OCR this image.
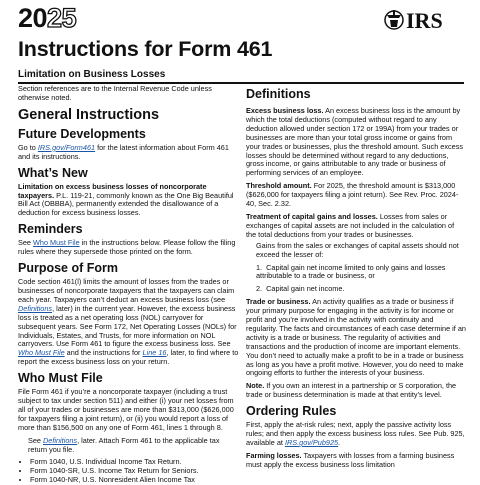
2025	IRS
Instructions for Form 461
Limitation on Business Losses

Section references are to the Internal Revenue Code unless otherwise noted.

General Instructions
Future Developments

Go to IRS.gov/Form461 for the latest information about Form 461 and its instructions.

What’s New

Limitation on excess business losses of noncorporate taxpayers. P.L. 119-21, commonly known as the One Big Beautiful Bill Act (OBBBA), permanently extended the disallowance of a deduction for excess business losses.

Reminders

See Who Must File in the instructions below. Please follow the filing rules where they supersede those printed on the form.

Purpose of Form

Code section 461(l) limits the amount of losses from the trades or businesses of noncorporate taxpayers that the taxpayers can claim each year. Taxpayers can’t deduct an excess business loss (see Definitions, later) in the current year. However, the excess business loss is treated as a net operating loss (NOL) carryover for subsequent years. See Form 172, Net Operating Losses (NOLs) for Individuals, Estates, and Trusts, for more information on NOL carryovers. Use Form 461 to figure the excess business loss. See Who Must File and the instructions for Line 16, later, to find where to report the excess business loss on your return.

Who Must File

File Form 461 if you’re a noncorporate taxpayer (including a trust subject to tax under section 511) and either (i) your net losses from all of your trades or businesses are more than $313,000 ($626,000 for taxpayers filing a joint return), or (ii) you would report a loss of more than $156,500 on any one of Form 461, lines 1 through 8.

See Definitions, later. Attach Form 461 to the applicable tax return you file.

• Form 1040, U.S. Individual Income Tax Return.
• Form 1040-SR, U.S. Income Tax Return for Seniors.
• Form 1040-NR, U.S. Nonresident Alien Income Tax
Definitions

Excess business loss. An excess business loss is the amount by which the total deductions (computed without regard to any deduction allowed under section 172 or 199A) from your trades or businesses are more than your total gross income or gains from your trades or businesses, plus the threshold amount. Such excess losses should be determined without regard to any deductions, gross income, or gains attributable to any trade or business of performing services of an employee.

Threshold amount. For 2025, the threshold amount is $313,000 ($626,000 for taxpayers filing a joint return). See Rev. Proc. 2024-40, Sec. 2.32.

Treatment of capital gains and losses. Losses from sales or exchanges of capital assets are not included in the calculation of the total deductions from your trades or businesses.

Gains from the sales or exchanges of capital assets should not exceed the lesser of:

1.  Capital gain net income limited to only gains and losses attributable to a trade or business, or

2.  Capital gain net income.

Trade or business. An activity qualifies as a trade or business if your primary purpose for engaging in the activity is for income or profit and you’re involved in the activity with continuity and regularity. The facts and circumstances of each case determine if an activity is a trade or business. The regularity of activities and transactions and the production of income are important elements. You don’t need to actually make a profit to be in a trade or business as long as you have a profit motive. However, you do need to make ongoing efforts to further the interests of your business.

Note. If you own an interest in a partnership or S corporation, the trade or business determination is made at that entity’s level.

Ordering Rules

First, apply the at-risk rules; next, apply the passive activity loss rules; and then apply the excess business loss rules. See Pub. 925, available at IRS.gov/Pub925.

Farming losses. Taxpayers with losses from a farming business must apply the excess business loss limitation
